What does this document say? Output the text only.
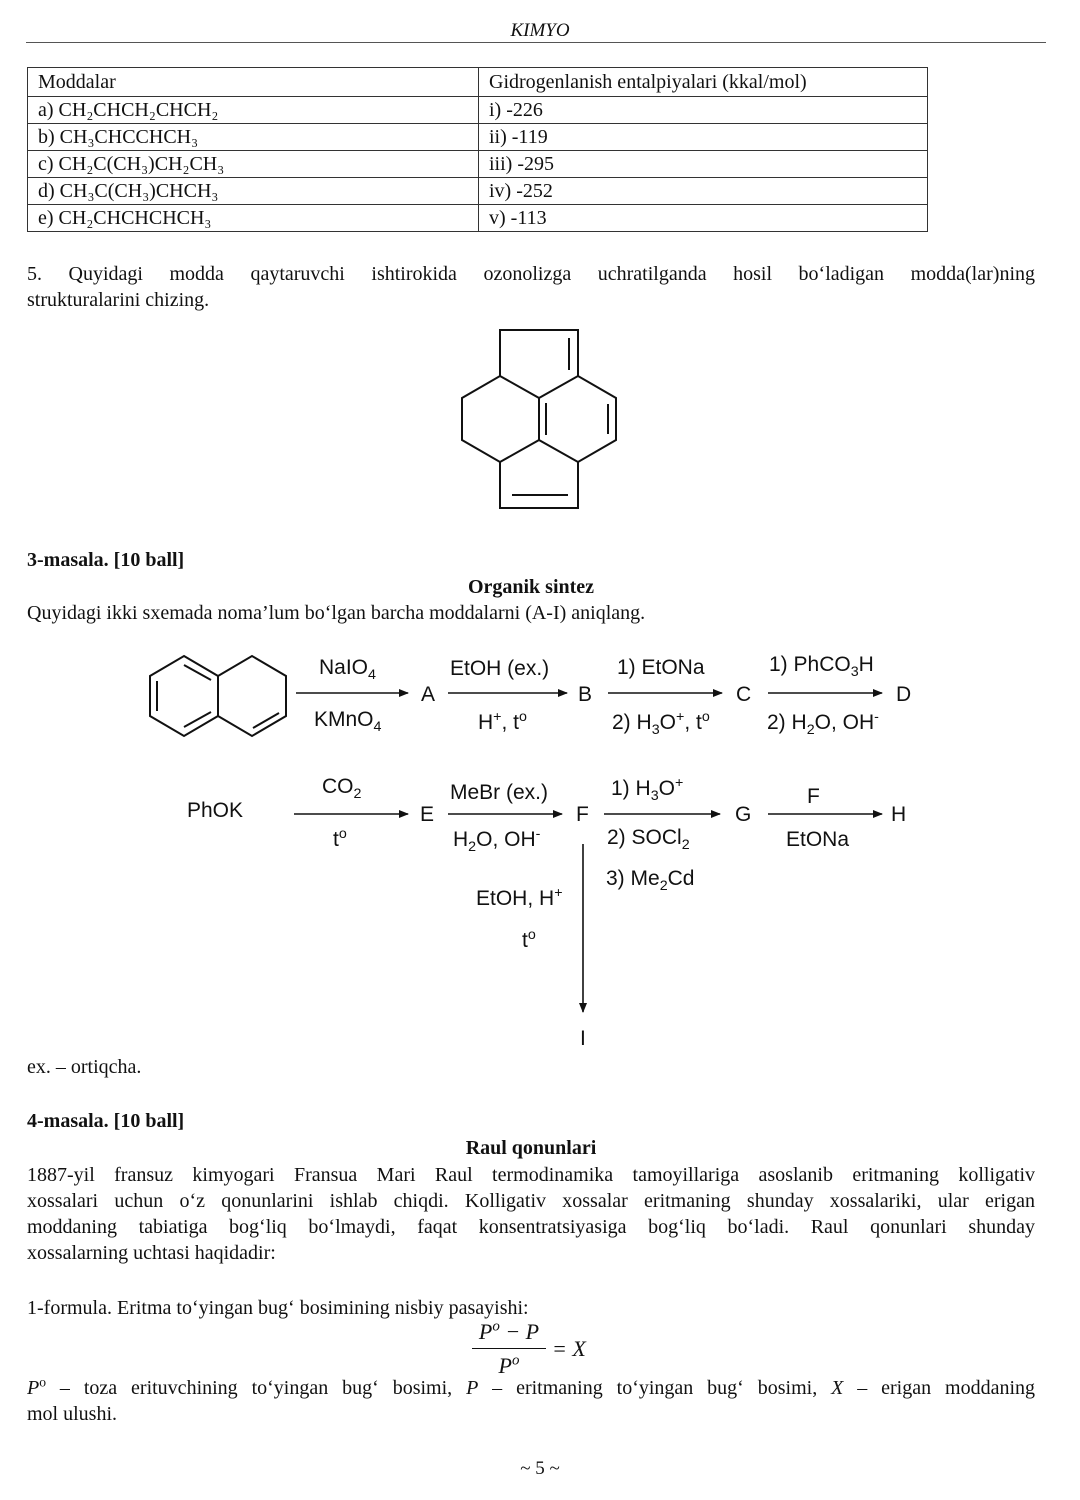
KIMYO
Moddalar	Gidrogenlanish entalpiyalari (kkal/mol)
a) CH₂CHCH₂CHCH₂	i) -226
b) CH₃CHCCHCH₃	ii) -119
c) CH₂C(CH₃)CH₂CH₃	iii) -295
d) CH₃C(CH₃)CHCH₃	iv) -252
e) CH₂CHCHCHCH₃	v) -113
5. Quyidagi modda qaytaruvchi ishtirokida ozonolizga uchratilganda hosil bo‘ladigan modda(lar)ning
strukturalarini chizing.
3-masala. [10 ball]
Organik sintez
Quyidagi ikki sxemada noma’lum bo‘lgan barcha moddalarni (A-I) aniqlang.
NaIO$_4$
KMnO$_4$
A
EtOH (ex.)
H+, $t^o$
B
1) EtONa
2) $H_3O^+$, $t^o$
C
1) PhCO$_3$H
2) $H_2O$, OH-
D
PhOK
$CO_2$
$t^o$
E
MeBr (ex.)
$H_2O$, OH-
F
1) $H_3O^+$
2) SOCl$_2$
3) $Me_2Cd$
G
F
EtONa
H
EtOH, H+
$t^o$
I
ex. – ortiqcha.
4-masala. [10 ball]
Raul qonunlari
1887-yil fransuz kimyogari Fransua Mari Raul termodinamika tamoyillariga asoslanib eritmaning kolligativ
xossalari uchun o‘z qonunlarini ishlab chiqdi. Kolligativ xossalar eritmaning shunday xossalariki, ular erigan
moddaning tabiatiga bog‘liq bo‘lmaydi, faqat konsentratsiyasiga bog‘liq bo‘ladi. Raul qonunlari shunday
xossalarning uchtasi haqidadir:
1-formula. Eritma to‘yingan bug‘ bosimining nisbiy pasayishi:
$P^o - P$
$P^o$	= X
$P^o$ – toza erituvchining to‘yingan bug‘ bosimi, P – eritmaning to‘yingan bug‘ bosimi, X – erigan moddaning
mol ulushi.
~ 5 ~
